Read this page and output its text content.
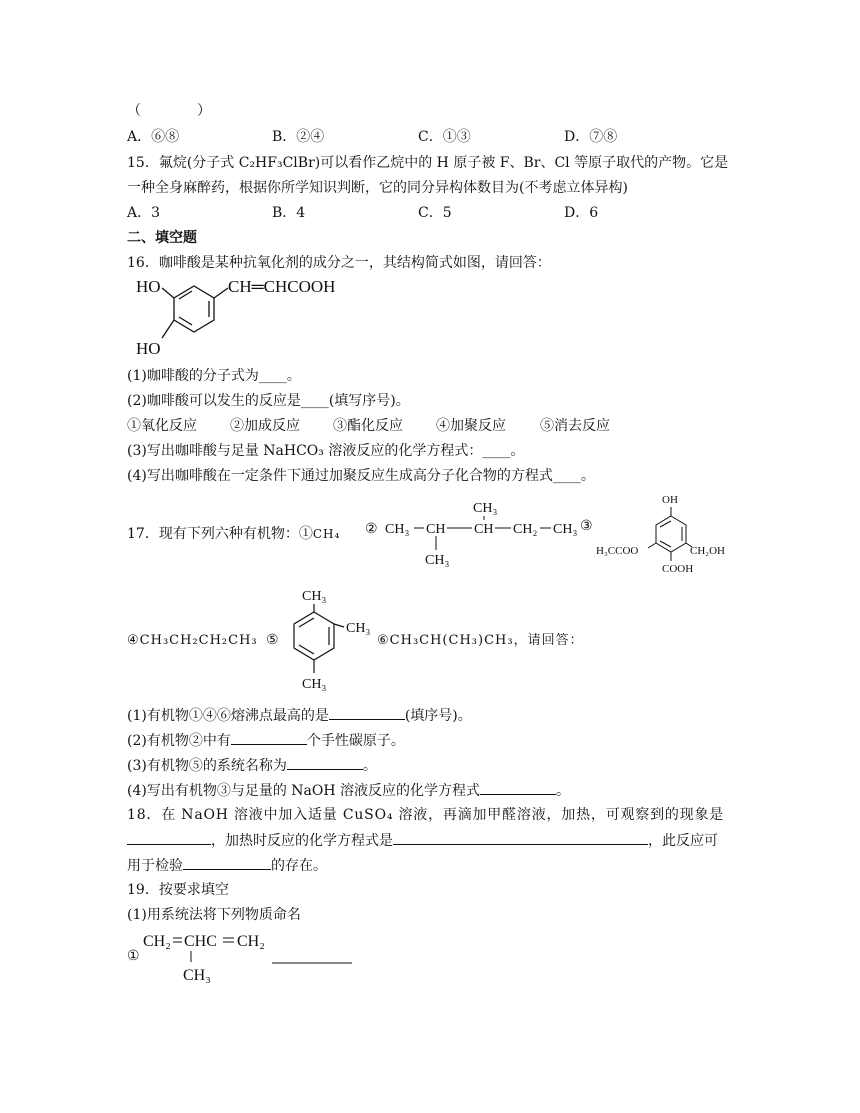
（　　　　）
A．⑥⑧	B．②④	C．①③	D．⑦⑧
15．氟烷(分子式 C₂HF₃ClBr)可以看作乙烷中的 H 原子被 F、Br、Cl 等原子取代的产物。它是
一种全身麻醉药，根据你所学知识判断，它的同分异构体数目为(不考虑立体异构)
A．3	B．4	C．5	D．6
二、填空题
16．咖啡酸是某种抗氧化剂的成分之一，其结构简式如图，请回答：
HO
HO
CH═CHCOOH
(1)咖啡酸的分子式为____。
(2)咖啡酸可以发生的反应是____(填写序号)。
①氧化反应 ②加成反应 ③酯化反应 ④加聚反应 ⑤消去反应
(3)写出咖啡酸与足量 NaHCO₃ 溶液反应的化学方程式：____。
(4)写出咖啡酸在一定条件下通过加聚反应生成高分子化合物的方程式____。
17．现有下列六种有机物：①CH₄ ② CH₃ CH CH CH₂ CH₃
CH₃
CH₃
③
OH
H₃CCOO	CH₂OH
COOH
④CH₃CH₂CH₂CH₃ ⑤
CH₃
CH₃
CH₃
⑥CH₃CH(CH₃)CH₃，请回答：
(1)有机物①④⑥熔沸点最高的是	(填序号)。
(2)有机物②中有	个手性碳原子。
(3)有机物⑤的系统名称为	。
(4)写出有机物③与足量的 NaOH 溶液反应的化学方程式	。
18．在 NaOH 溶液中加入适量 CuSO₄ 溶液，再滴加甲醛溶液，加热，可观察到的现象是
，加热时反应的化学方程式是	，此反应可
用于检验	的存在。
19．按要求填空
(1)用系统法将下列物质命名
①
CH₂ CHC CH₂
CH₃
